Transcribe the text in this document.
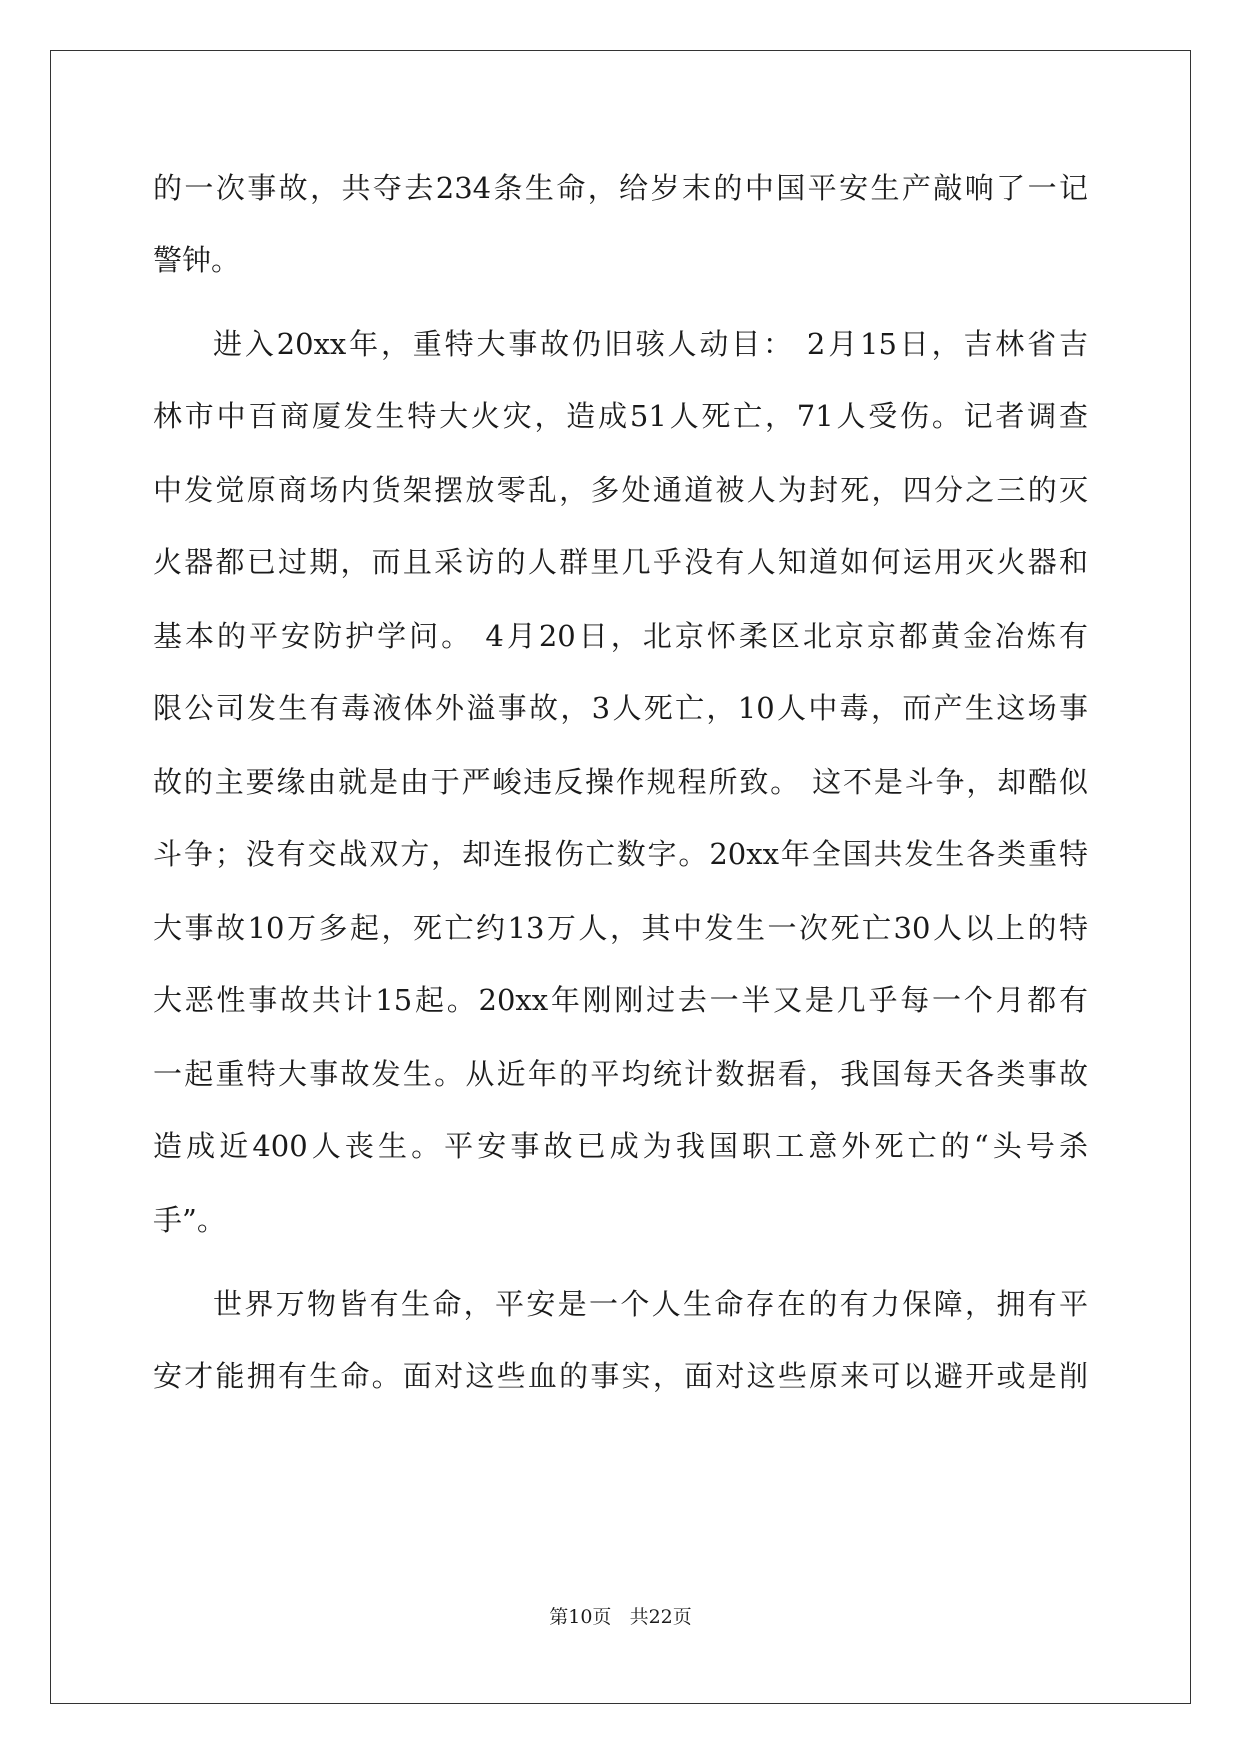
的一次事故，共夺去234条生命，给岁末的中国平安生产敲响了一记
警钟。
进入20xx年，重特大事故仍旧骇人动目： 2月15日，吉林省吉
林市中百商厦发生特大火灾，造成51人死亡，71人受伤。记者调查
中发觉原商场内货架摆放零乱，多处通道被人为封死，四分之三的灭
火器都已过期，而且采访的人群里几乎没有人知道如何运用灭火器和
基本的平安防护学问。 4月20日，北京怀柔区北京京都黄金冶炼有
限公司发生有毒液体外溢事故，3人死亡，10人中毒，而产生这场事
故的主要缘由就是由于严峻违反操作规程所致。 这不是斗争，却酷似
斗争；没有交战双方，却连报伤亡数字。20xx年全国共发生各类重特
大事故10万多起，死亡约13万人，其中发生一次死亡30人以上的特
大恶性事故共计15起。20xx年刚刚过去一半又是几乎每一个月都有
一起重特大事故发生。从近年的平均统计数据看，我国每天各类事故
造成近400人丧生。平安事故已成为我国职工意外死亡的“头号杀
手”。
世界万物皆有生命，平安是一个人生命存在的有力保障，拥有平
安才能拥有生命。面对这些血的事实，面对这些原来可以避开或是削
第10页 共22页
